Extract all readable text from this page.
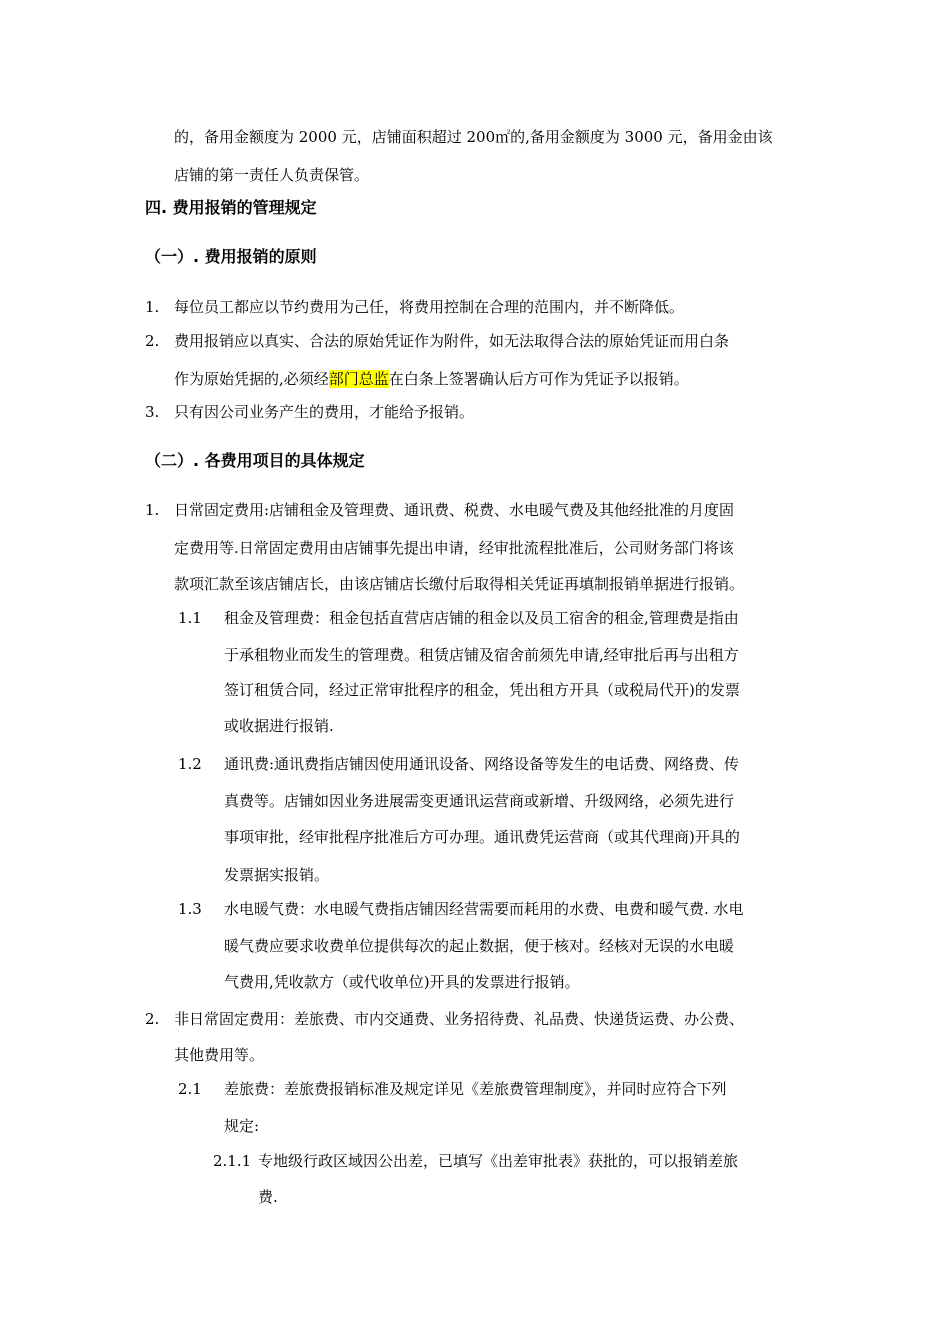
的，备用金额度为 2000 元，店铺面积超过 200㎡的,备用金额度为 3000 元，备用金由该
店铺的第一责任人负责保管。
四. 费用报销的管理规定
（一）. 费用报销的原则
1. 每位员工都应以节约费用为己任，将费用控制在合理的范围内，并不断降低。
2. 费用报销应以真实、合法的原始凭证作为附件，如无法取得合法的原始凭证而用白条
作为原始凭据的,必须经部门总监在白条上签署确认后方可作为凭证予以报销。
3. 只有因公司业务产生的费用，才能给予报销。
（二）. 各费用项目的具体规定
1. 日常固定费用:店铺租金及管理费、通讯费、税费、水电暖气费及其他经批准的月度固
定费用等.日常固定费用由店铺事先提出申请，经审批流程批准后，公司财务部门将该
款项汇款至该店铺店长，由该店铺店长缴付后取得相关凭证再填制报销单据进行报销。
1.1 租金及管理费：租金包括直营店店铺的租金以及员工宿舍的租金,管理费是指由
于承租物业而发生的管理费。租赁店铺及宿舍前须先申请,经审批后再与出租方
签订租赁合同，经过正常审批程序的租金，凭出租方开具（或税局代开)的发票
或收据进行报销.
1.2 通讯费:通讯费指店铺因使用通讯设备、网络设备等发生的电话费、网络费、传
真费等。店铺如因业务进展需变更通讯运营商或新增、升级网络，必须先进行
事项审批，经审批程序批准后方可办理。通讯费凭运营商（或其代理商)开具的
发票据实报销。
1.3 水电暖气费：水电暖气费指店铺因经营需要而耗用的水费、电费和暖气费. 水电
暖气费应要求收费单位提供每次的起止数据，便于核对。经核对无误的水电暖
气费用,凭收款方（或代收单位)开具的发票进行报销。
2. 非日常固定费用：差旅费、市内交通费、业务招待费、礼品费、快递货运费、办公费、
其他费用等。
2.1 差旅费：差旅费报销标准及规定详见《差旅费管理制度》，并同时应符合下列
规定:
2.1.1 专地级行政区域因公出差，已填写《出差审批表》获批的，可以报销差旅
费.
